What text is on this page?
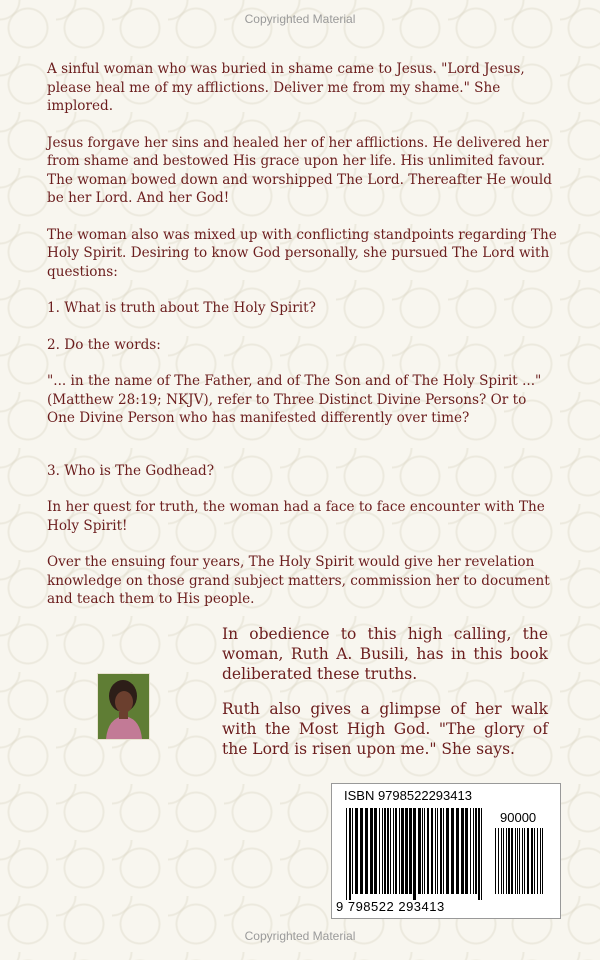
Copyrighted Material

A sinful woman who was buried in shame came to Jesus. "Lord Jesus, please heal me of my afflictions. Deliver me from my shame." She implored.

Jesus forgave her sins and healed her of her afflictions. He delivered her from shame and bestowed His grace upon her life. His unlimited favour. The woman bowed down and worshipped The Lord. Thereafter He would be her Lord. And her God!

The woman also was mixed up with conflicting standpoints regarding The Holy Spirit. Desiring to know God personally, she pursued The Lord with questions:

1. What is truth about The Holy Spirit?

2. Do the words:

"... in the name of The Father, and of The Son and of The Holy Spirit ..."
(Matthew 28:19; NKJV), refer to Three Distinct Divine Persons? Or to One Divine Person who has manifested differently over time?

3. Who is The Godhead?

In her quest for truth, the woman had a face to face encounter with The Holy Spirit!

Over the ensuing four years, The Holy Spirit would give her revelation knowledge on those grand subject matters, commission her to document and teach them to His people.

In obedience to this high calling, the woman, Ruth A. Busili, has in this book deliberated these truths.

Ruth also gives a glimpse of her walk with the Most High God. "The glory of the Lord is risen upon me." She says.

ISBN 9798522293413
90000
9 798522 293413
Copyrighted Material
